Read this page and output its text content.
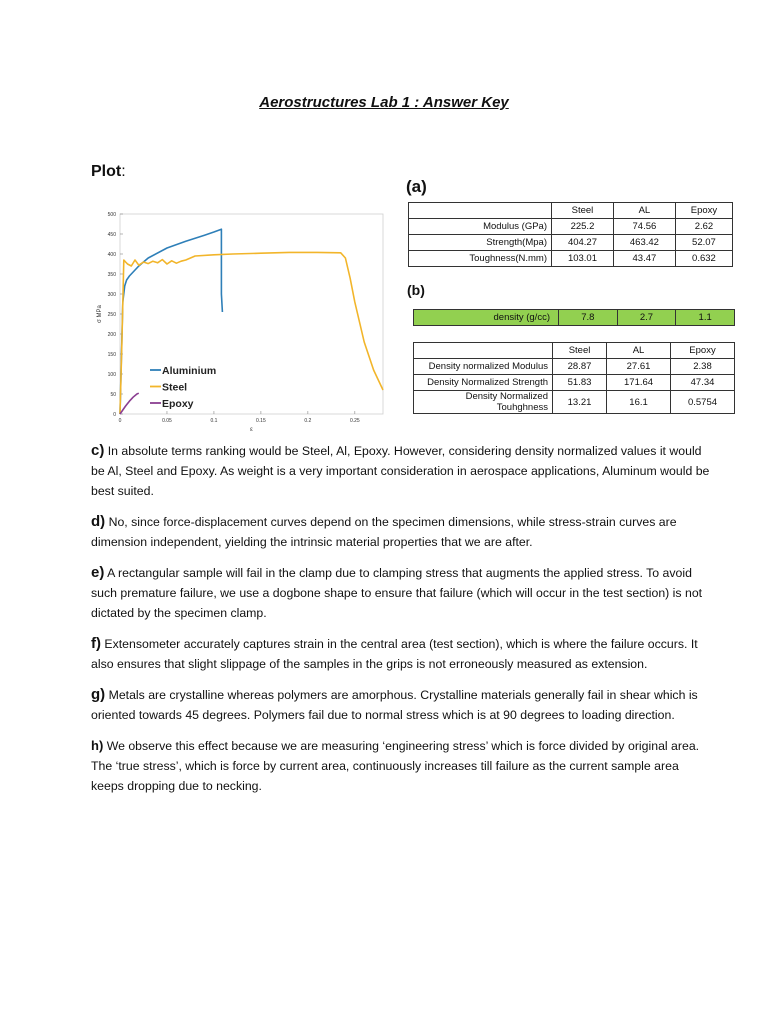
Aerostructures Lab 1 : Answer Key
Plot:
0
50
100
150
200
250
300
350
400
450
500
0	0.05	0.1	0.15	0.2	0.25
ε
σ MPa
Aluminium
Steel
Epoxy
(a)
	Steel	AL	Epoxy
Modulus (GPa)	225.2	74.56	2.62
Strength(Mpa)	404.27	463.42	52.07
Toughness(N.mm)	103.01	43.47	0.632
(b)
density (g/cc)	7.8	2.7	1.1
	Steel	AL	Epoxy
Density normalized Modulus	28.87	27.61	2.38
Density Normalized Strength	51.83	171.64	47.34
Density Normalized Touhghness	13.21	16.1	0.5754

c) In absolute terms ranking would be Steel, Al, Epoxy. However, considering density normalized values it would be Al, Steel and Epoxy. As weight is a very important consideration in aerospace applications, Aluminum would be best suited.

d) No, since force-displacement curves depend on the specimen dimensions, while stress-strain curves are dimension independent, yielding the intrinsic material properties that we are after.

e) A rectangular sample will fail in the clamp due to clamping stress that augments the applied stress. To avoid such premature failure, we use a dogbone shape to ensure that failure (which will occur in the test section) is not dictated by the specimen clamp.

f) Extensometer accurately captures strain in the central area (test section), which is where the failure occurs. It also ensures that slight slippage of the samples in the grips is not erroneously measured as extension.

g) Metals are crystalline whereas polymers are amorphous. Crystalline materials generally fail in shear which is oriented towards 45 degrees. Polymers fail due to normal stress which is at 90 degrees to loading direction.

h) We observe this effect because we are measuring ‘engineering stress’ which is force divided by original area. The ‘true stress’, which is force by current area, continuously increases till failure as the current sample area keeps dropping due to necking.
